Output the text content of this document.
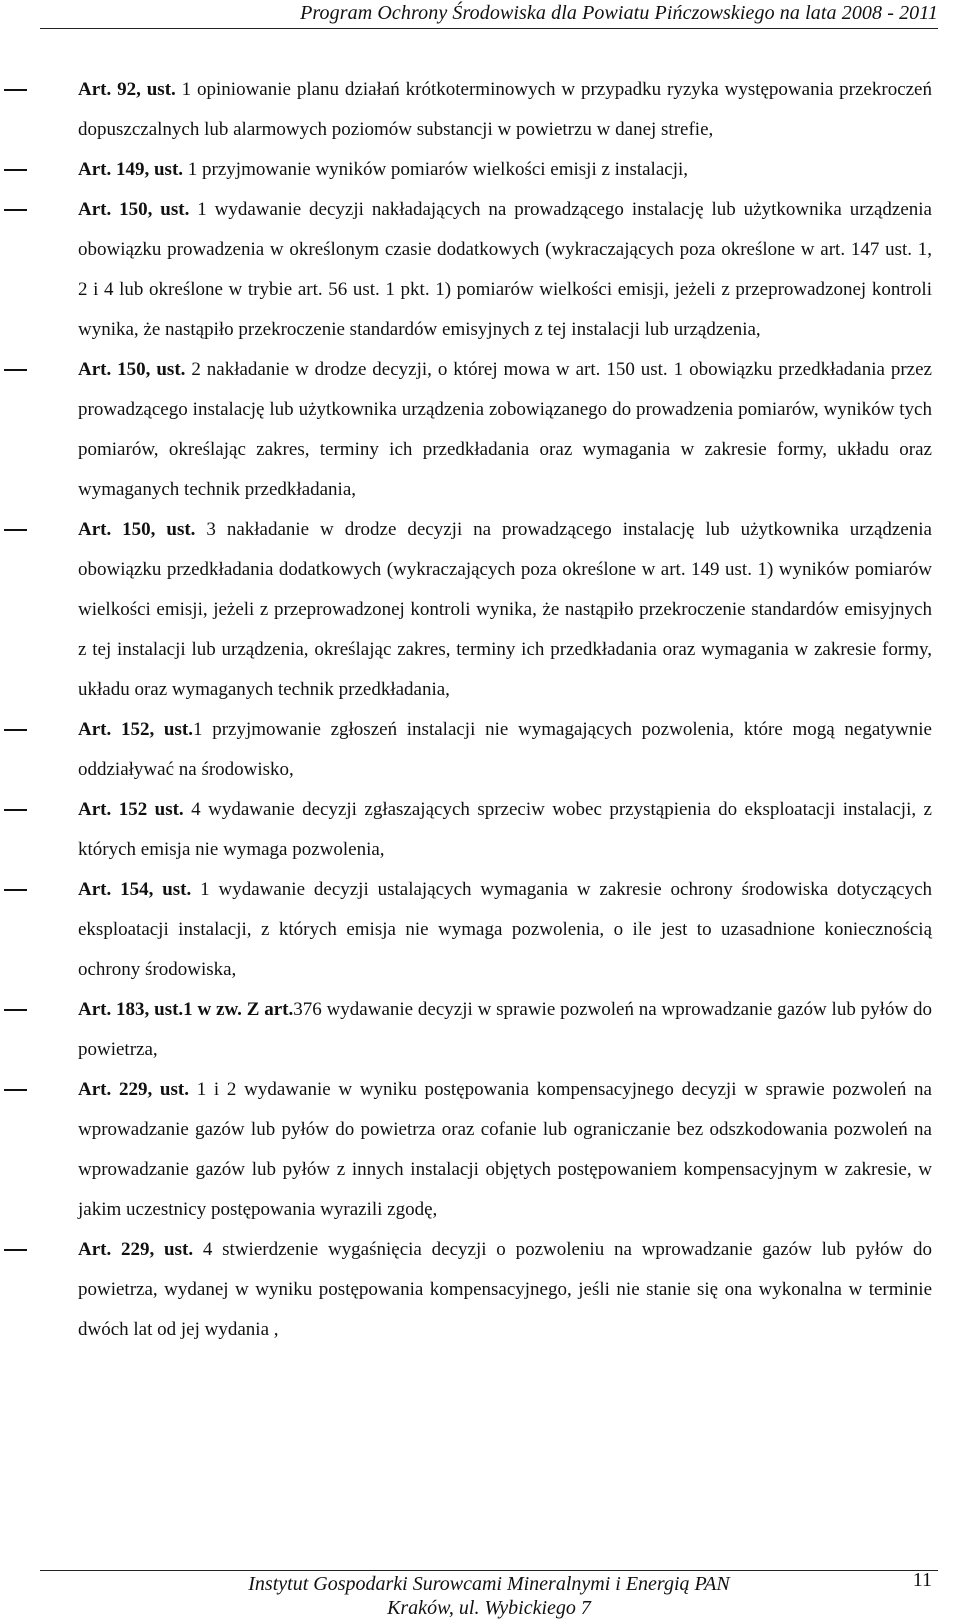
Program Ochrony Środowiska dla Powiatu Pińczowskiego na lata 2008 - 2011

Art. 92, ust. 1 opiniowanie planu działań krótkoterminowych w przypadku ryzyka występowania przekroczeń dopuszczalnych lub alarmowych poziomów substancji w powietrzu w danej strefie,

Art. 149, ust. 1 przyjmowanie wyników pomiarów wielkości emisji z instalacji,

Art. 150, ust. 1 wydawanie decyzji nakładających na prowadzącego instalację lub użytkownika urządzenia obowiązku prowadzenia w określonym czasie dodatkowych (wykraczających poza określone w art. 147 ust. 1, 2 i 4 lub określone w trybie art. 56 ust. 1 pkt. 1) pomiarów wielkości emisji, jeżeli z przeprowadzonej kontroli wynika, że nastąpiło przekroczenie standardów emisyjnych z tej instalacji lub urządzenia,

Art. 150, ust. 2 nakładanie w drodze decyzji, o której mowa w art. 150 ust. 1 obowiązku przedkładania przez prowadzącego instalację lub użytkownika urządzenia zobowiązanego do prowadzenia pomiarów, wyników tych pomiarów, określając zakres, terminy ich przedkładania oraz wymagania w zakresie formy, układu oraz wymaganych technik przedkładania,

Art. 150, ust. 3 nakładanie w drodze decyzji na prowadzącego instalację lub użytkownika urządzenia obowiązku przedkładania dodatkowych (wykraczających poza określone w art. 149 ust. 1) wyników pomiarów wielkości emisji, jeżeli z przeprowadzonej kontroli wynika, że nastąpiło przekroczenie standardów emisyjnych z tej instalacji lub urządzenia, określając zakres, terminy ich przedkładania oraz wymagania w zakresie formy, układu oraz wymaganych technik przedkładania,

Art. 152, ust.1 przyjmowanie zgłoszeń instalacji nie wymagających pozwolenia, które mogą negatywnie oddziaływać na środowisko,

Art. 152 ust. 4 wydawanie decyzji zgłaszających sprzeciw wobec przystąpienia do eksploatacji instalacji, z których emisja nie wymaga pozwolenia,

Art. 154, ust. 1 wydawanie decyzji ustalających wymagania w zakresie ochrony środowiska dotyczących eksploatacji instalacji, z których emisja nie wymaga pozwolenia, o ile jest to uzasadnione koniecznością ochrony środowiska,

Art. 183, ust.1 w zw. Z art.376 wydawanie decyzji w sprawie pozwoleń na wprowadzanie gazów lub pyłów do powietrza,

Art. 229, ust. 1 i 2 wydawanie w wyniku postępowania kompensacyjnego decyzji w sprawie pozwoleń na wprowadzanie gazów lub pyłów do powietrza oraz cofanie lub ograniczanie bez odszkodowania pozwoleń na wprowadzanie gazów lub pyłów z innych instalacji objętych postępowaniem kompensacyjnym w zakresie, w jakim uczestnicy postępowania wyrazili zgodę,

Art. 229, ust. 4 stwierdzenie wygaśnięcia decyzji o pozwoleniu na wprowadzanie gazów lub pyłów do powietrza, wydanej w wyniku postępowania kompensacyjnego, jeśli nie stanie się ona wykonalna w terminie dwóch lat od jej wydania ,

Instytut Gospodarki Surowcami Mineralnymi i Energią PAN
Kraków, ul. Wybickiego 7
11
